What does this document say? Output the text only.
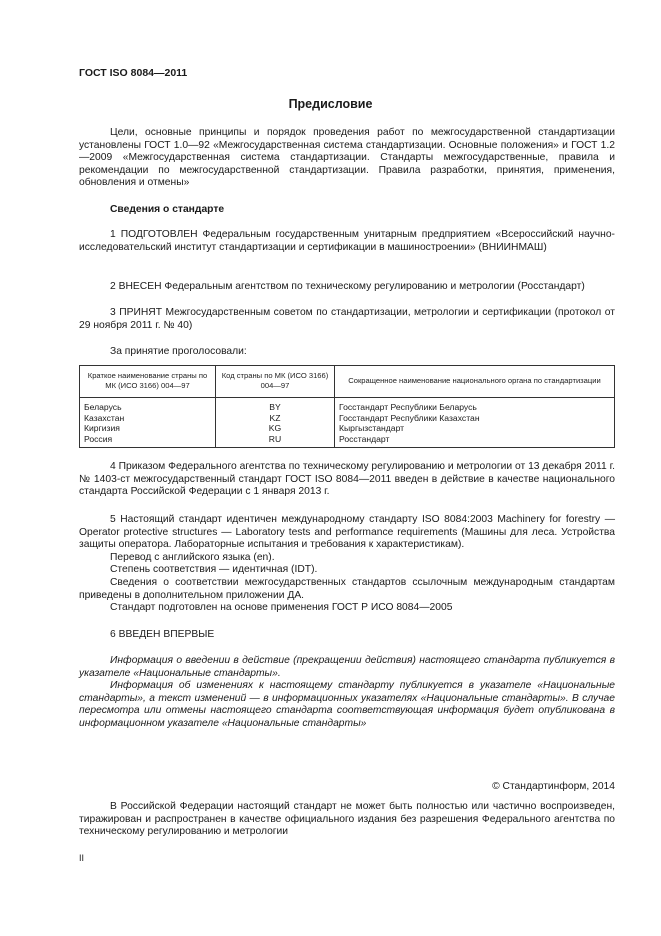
ГОСТ ISO 8084—2011
Предисловие

Цели, основные принципы и порядок проведения работ по межгосударственной стандартизации установлены ГОСТ 1.0—92 «Межгосударственная система стандартизации. Основные положения» и ГОСТ 1.2—2009 «Межгосударственная система стандартизации. Стандарты межгосударственные, правила и рекомендации по межгосударственной стандартизации. Правила разработки, принятия, применения, обновления и отмены»

Сведения о стандарте

1 ПОДГОТОВЛЕН Федеральным государственным унитарным предприятием «Всероссийский научно-исследовательский институт стандартизации и сертификации в машиностроении» (ВНИИНМАШ)

2 ВНЕСЕН Федеральным агентством по техническому регулированию и метрологии (Росстандарт)

3 ПРИНЯТ Межгосударственным советом по стандартизации, метрологии и сертификации (протокол от 29 ноября 2011 г. № 40)

За принятие проголосовали:

Краткое наименование страны по МК (ИСО 3166) 004—97	Код страны по МК (ИСО 3166) 004—97	Сокращенное наименование национального органа по стандартизации
Беларусь	BY	Госстандарт Республики Беларусь
Казахстан	KZ	Госстандарт Республики Казахстан
Киргизия	KG	Кыргызстандарт
Россия	RU	Росстандарт

4 Приказом Федерального агентства по техническому регулированию и метрологии от 13 декабря 2011 г. № 1403-ст межгосударственный стандарт ГОСТ ISO 8084—2011 введен в действие в качестве национального стандарта Российской Федерации с 1 января 2013 г.

5 Настоящий стандарт идентичен международному стандарту ISO 8084:2003 Machinery for forestry — Operator protective structures — Laboratory tests and performance requirements (Машины для леса. Устройства защиты оператора. Лабораторные испытания и требования к характеристикам).

Перевод с английского языка (en).

Степень соответствия — идентичная (IDT).

Сведения о соответствии межгосударственных стандартов ссылочным международным стандартам приведены в дополнительном приложении ДА.

Стандарт подготовлен на основе применения ГОСТ Р ИСО 8084—2005

6 ВВЕДЕН ВПЕРВЫЕ

Информация о введении в действие (прекращении действия) настоящего стандарта публикуется в указателе «Национальные стандарты».

Информация об изменениях к настоящему стандарту публикуется в указателе «Национальные стандарты», а текст изменений — в информационных указателях «Национальные стандарты». В случае пересмотра или отмены настоящего стандарта соответствующая информация будет опубликована в информационном указателе «Национальные стандарты»

© Стандартинформ, 2014

В Российской Федерации настоящий стандарт не может быть полностью или частично воспроизведен, тиражирован и распространен в качестве официального издания без разрешения Федерального агентства по техническому регулированию и метрологии

II
